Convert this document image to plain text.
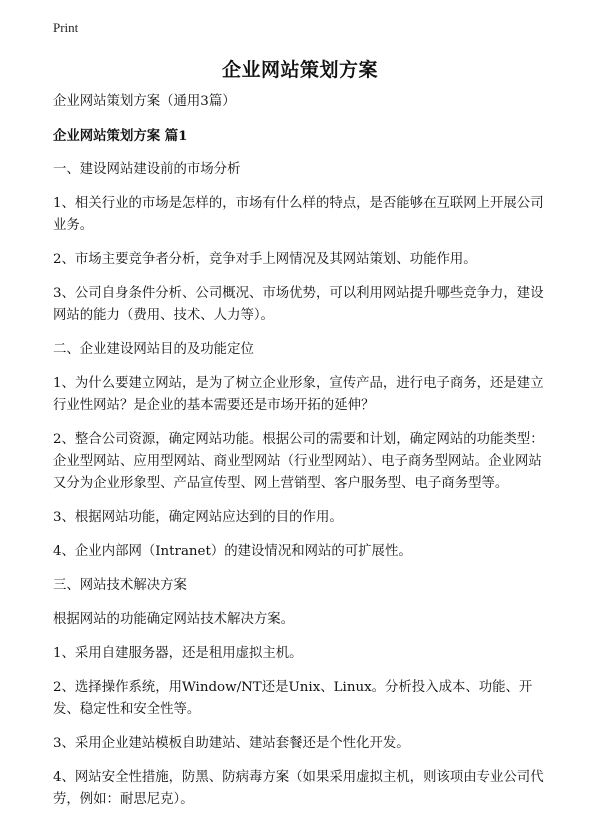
Print
企业网站策划方案

企业网站策划方案（通用3篇）

企业网站策划方案 篇1

一、建设网站建设前的市场分析

1、相关行业的市场是怎样的，市场有什么样的特点，是否能够在互联网上开展公司业务。

2、市场主要竞争者分析，竞争对手上网情况及其网站策划、功能作用。

3、公司自身条件分析、公司概况、市场优势，可以利用网站提升哪些竞争力，建设网站的能力（费用、技术、人力等）。

二、企业建设网站目的及功能定位

1、为什么要建立网站，是为了树立企业形象，宣传产品，进行电子商务，还是建立行业性网站？是企业的基本需要还是市场开拓的延伸？

2、整合公司资源，确定网站功能。根据公司的需要和计划，确定网站的功能类型：企业型网站、应用型网站、商业型网站（行业型网站）、电子商务型网站。企业网站又分为企业形象型、产品宣传型、网上营销型、客户服务型、电子商务型等。

3、根据网站功能，确定网站应达到的目的作用。

4、企业内部网（Intranet）的建设情况和网站的可扩展性。

三、网站技术解决方案

根据网站的功能确定网站技术解决方案。

1、采用自建服务器，还是租用虚拟主机。

2、选择操作系统，用Window/NT还是Unix、Linux。分析投入成本、功能、开发、稳定性和安全性等。

3、采用企业建站模板自助建站、建站套餐还是个性化开发。

4、网站安全性措施，防黑、防病毒方案（如果采用虚拟主机，则该项由专业公司代劳，例如：耐思尼克）。
